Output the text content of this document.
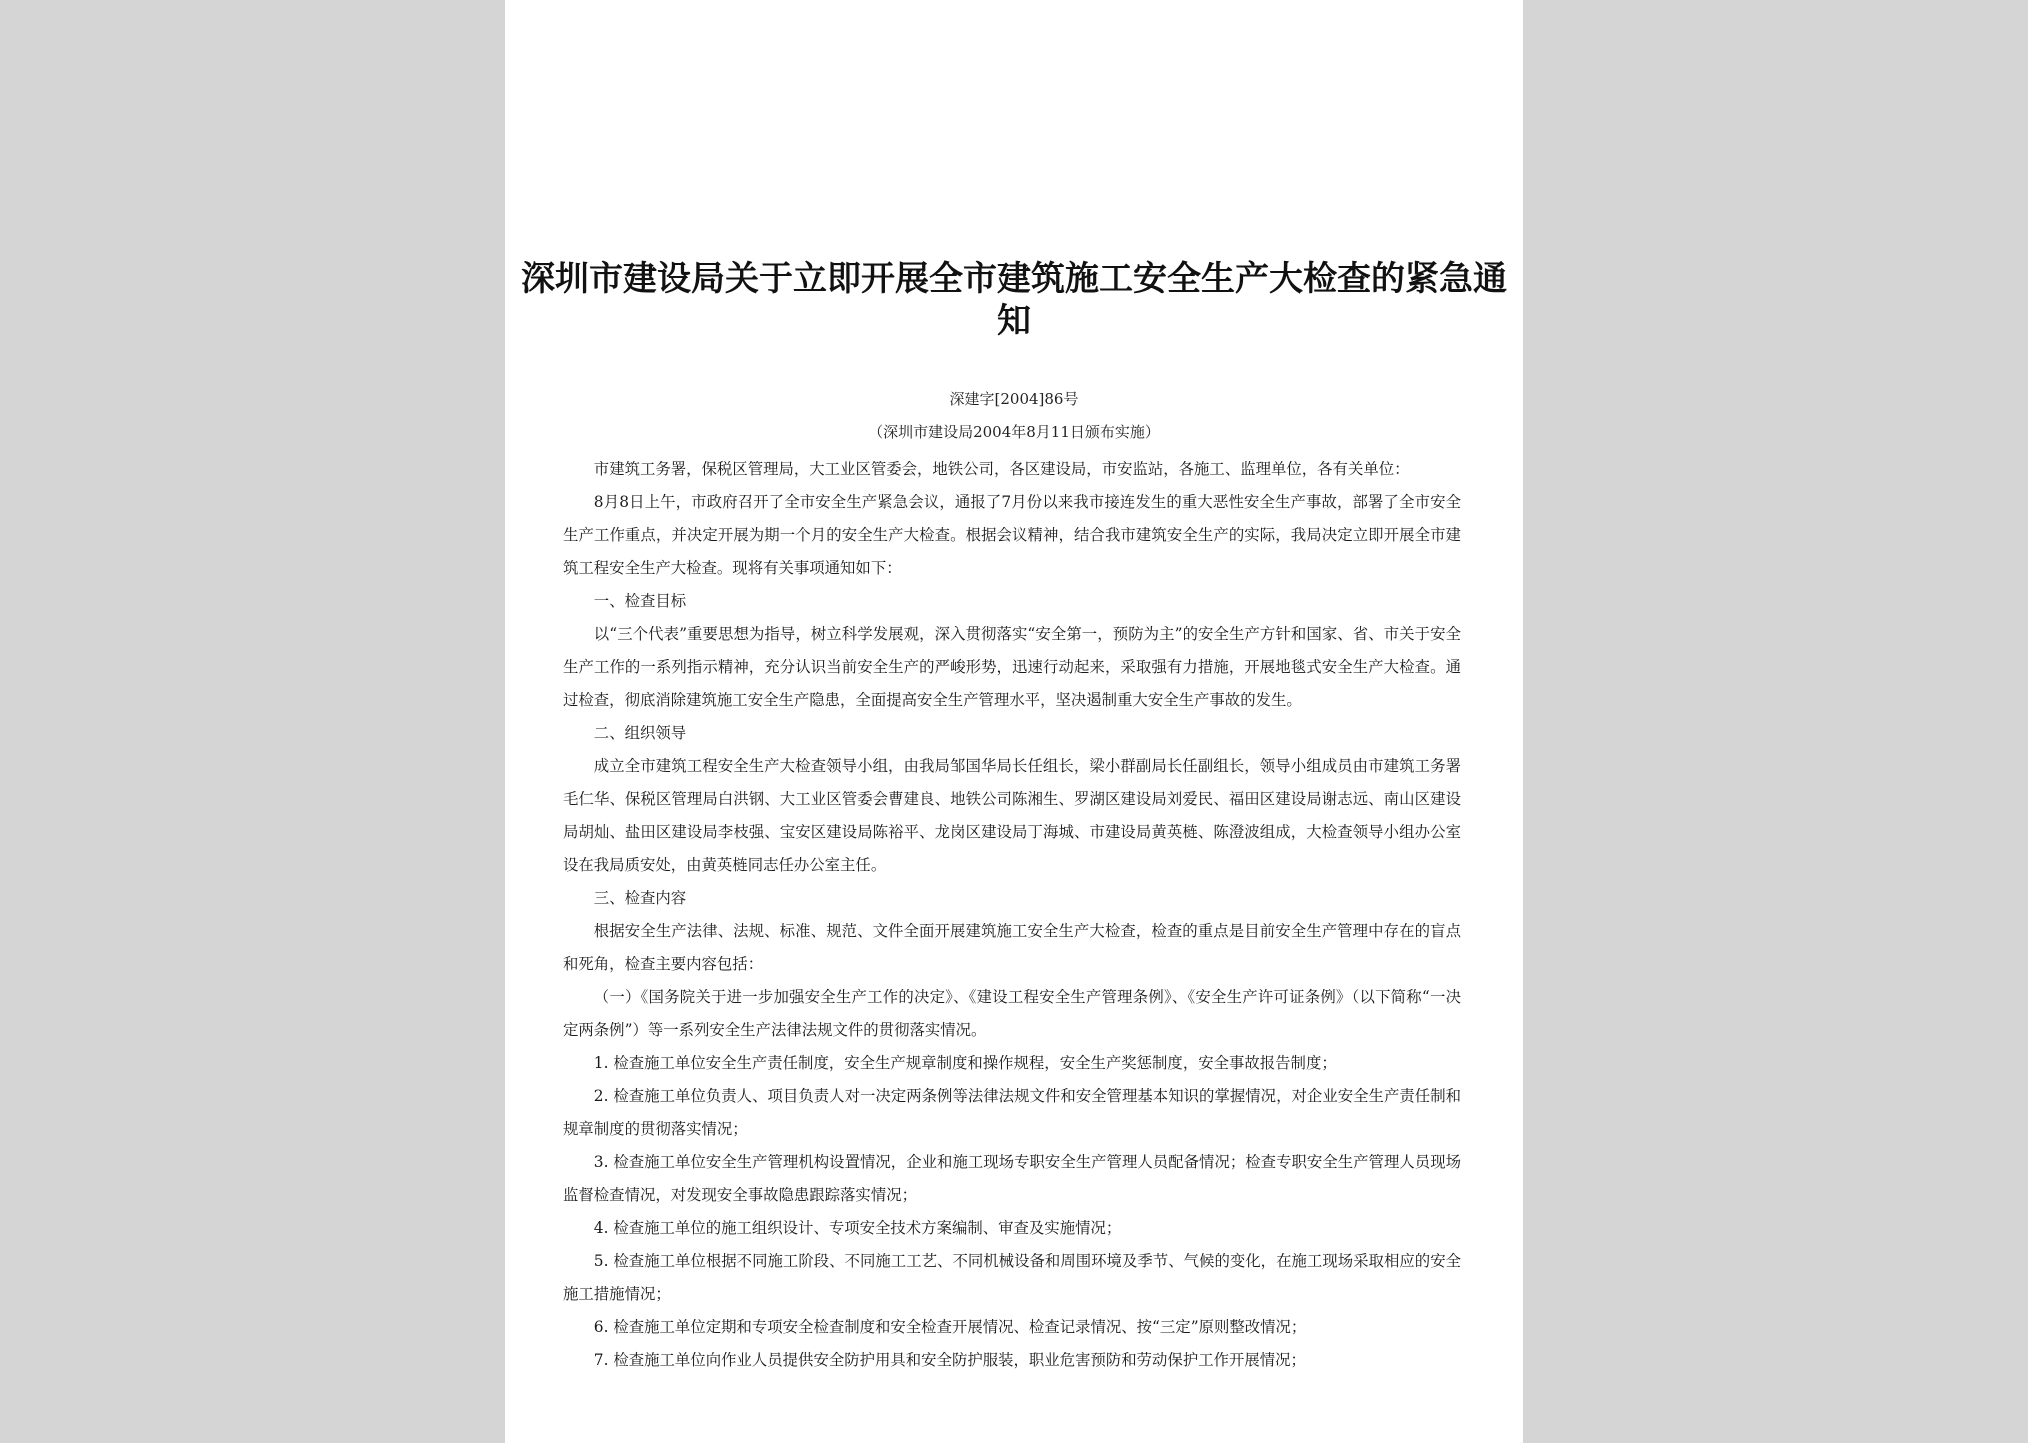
深圳市建设局关于立即开展全市建筑施工安全生产大检查的紧急通知
深建字[2004]86号
（深圳市建设局2004年8月11日颁布实施）

市建筑工务署，保税区管理局，大工业区管委会，地铁公司，各区建设局，市安监站，各施工、监理单位，各有关单位：

8月8日上午，市政府召开了全市安全生产紧急会议，通报了7月份以来我市接连发生的重大恶性安全生产事故，部署了全市安全生产工作重点，并决定开展为期一个月的安全生产大检查。根据会议精神，结合我市建筑安全生产的实际，我局决定立即开展全市建筑工程安全生产大检查。现将有关事项通知如下：

一、检查目标

以“三个代表”重要思想为指导，树立科学发展观，深入贯彻落实“安全第一，预防为主”的安全生产方针和国家、省、市关于安全生产工作的一系列指示精神，充分认识当前安全生产的严峻形势，迅速行动起来，采取强有力措施，开展地毯式安全生产大检查。通过检查，彻底消除建筑施工安全生产隐患，全面提高安全生产管理水平，坚决遏制重大安全生产事故的发生。

二、组织领导

成立全市建筑工程安全生产大检查领导小组，由我局邹国华局长任组长，梁小群副局长任副组长，领导小组成员由市建筑工务署毛仁华、保税区管理局白洪钢、大工业区管委会曹建良、地铁公司陈湘生、罗湖区建设局刘爱民、福田区建设局谢志远、南山区建设局胡灿、盐田区建设局李枝强、宝安区建设局陈裕平、龙岗区建设局丁海城、市建设局黄英梿、陈澄波组成，大检查领导小组办公室设在我局质安处，由黄英梿同志任办公室主任。

三、检查内容

根据安全生产法律、法规、标准、规范、文件全面开展建筑施工安全生产大检查，检查的重点是目前安全生产管理中存在的盲点和死角，检查主要内容包括：

（一）《国务院关于进一步加强安全生产工作的决定》、《建设工程安全生产管理条例》、《安全生产许可证条例》（以下简称“一决定两条例”）等一系列安全生产法律法规文件的贯彻落实情况。

1. 检查施工单位安全生产责任制度，安全生产规章制度和操作规程，安全生产奖惩制度，安全事故报告制度；

2. 检查施工单位负责人、项目负责人对一决定两条例等法律法规文件和安全管理基本知识的掌握情况，对企业安全生产责任制和规章制度的贯彻落实情况；

3. 检查施工单位安全生产管理机构设置情况，企业和施工现场专职安全生产管理人员配备情况；检查专职安全生产管理人员现场监督检查情况，对发现安全事故隐患跟踪落实情况；

4. 检查施工单位的施工组织设计、专项安全技术方案编制、审查及实施情况；

5. 检查施工单位根据不同施工阶段、不同施工工艺、不同机械设备和周围环境及季节、气候的变化，在施工现场采取相应的安全施工措施情况；

6. 检查施工单位定期和专项安全检查制度和安全检查开展情况、检查记录情况、按“三定”原则整改情况；

7. 检查施工单位向作业人员提供安全防护用具和安全防护服装，职业危害预防和劳动保护工作开展情况；
